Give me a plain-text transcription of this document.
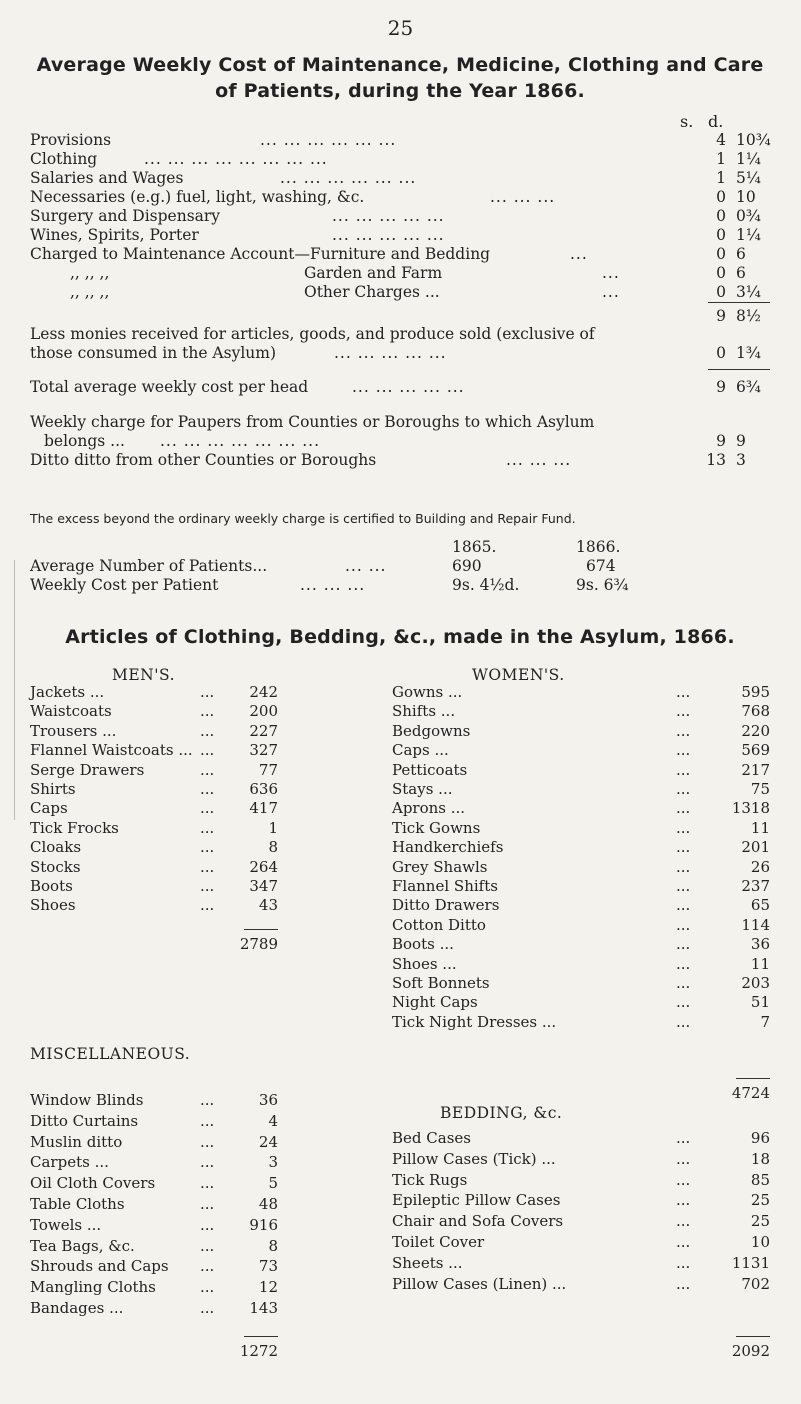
25
Average Weekly Cost of Maintenance, Medicine, Clothing and Care
of Patients, during the Year 1866.
s. d.
Provisions	... ... ... ... ... ...	4 10¾
Clothing	... ... ... ... ... ... ... ...	1 1¼
Salaries and Wages	... ... ... ... ... ...	1 5¼
Necessaries (e.g.) fuel, light, washing, &c.	... ... ...	0 10
Surgery and Dispensary	... ... ... ... ...	0 0¾
Wines, Spirits, Porter	... ... ... ... ...	0 1¼
Charged to Maintenance Account—Furniture and Bedding	...	0 6
,, ,, ,,	Garden and Farm	...	0 6
,, ,, ,,	Other Charges ...	...	0 3¼
9 8½
Less monies received for articles, goods, and produce sold (exclusive of
those consumed in the Asylum)	... ... ... ... ...	0 1¾
Total average weekly cost per head	... ... ... ... ...	9 6¾
Weekly charge for Paupers from Counties or Boroughs to which Asylum
belongs ... ... ... ... ... ... ... ...	9 9
Ditto ditto from other Counties or Boroughs	... ... ...	13 3
The excess beyond the ordinary weekly charge is certified to Building and Repair Fund.
1865.	1866.
Average Number of Patients...	... ...	690	674
Weekly Cost per Patient	... ... ...	9s. 4½d.	9s. 6¾
Articles of Clothing, Bedding, &c., made in the Asylum, 1866.
MEN'S.	WOMEN'S.
Jackets ...	...	242
Waistcoats	...	200
Trousers ...	...	227
Flannel Waistcoats ... ...	327
Serge Drawers	...	77
Shirts	...	636
Caps	...	417
Tick Frocks	...	1
Cloaks	...	8
Stocks	...	264
Boots	...	347
Shoes	...	43
2789
Gowns ...	...	595
Shifts ...	...	768
Bedgowns	...	220
Caps ...	...	569
Petticoats	...	217
Stays ...	...	75
Aprons ...	...	1318
Tick Gowns	...	11
Handkerchiefs	...	201
Grey Shawls	...	26
Flannel Shifts	...	237
Ditto Drawers	...	65
Cotton Ditto	...	114
Boots ...	...	36
Shoes ...	...	11
Soft Bonnets	...	203
Night Caps	...	51
Tick Night Dresses ...	...	7
4724
MISCELLANEOUS.
Window Blinds	...	36
Ditto Curtains	...	4
Muslin ditto	...	24
Carpets ...	...	3
Oil Cloth Covers	...	5
Table Cloths	...	48
Towels ...	...	916
Tea Bags, &c.	...	8
Shrouds and Caps ...	73
Mangling Cloths	...	12
Bandages ...	...	143
1272
BEDDING, &c.
Bed Cases	...	96
Pillow Cases (Tick) ...	...	18
Tick Rugs	...	85
Epileptic Pillow Cases	...	25
Chair and Sofa Covers	...	25
Toilet Cover	...	10
Sheets ...	...	1131
Pillow Cases (Linen) ...	...	702
2092
